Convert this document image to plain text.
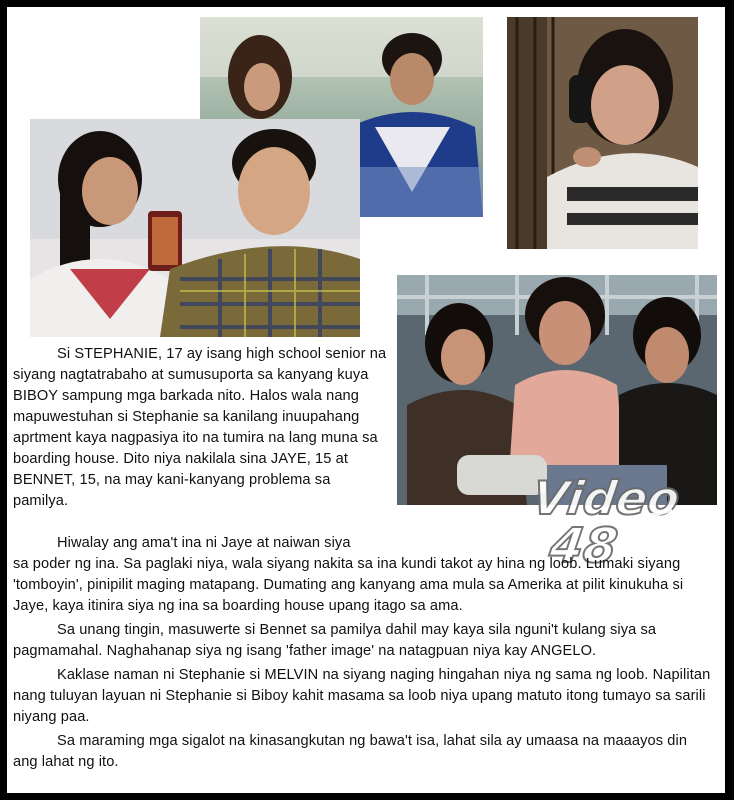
Video
48

Si STEPHANIE, 17 ay isang high school senior na siyang nagtatrabaho at sumusuporta sa kanyang kuya BIBOY sampung mga barkada nito. Halos wala nang mapuwestuhan si Stephanie sa kanilang inuupahang aprtment kaya nagpasiya ito na tumira na lang muna sa boarding house. Dito niya nakilala sina JAYE, 15 at BENNET, 15, na may kani-kanyang problema sa pamilya.

Hiwalay ang ama't ina ni Jaye at naiwan siya

sa poder ng ina. Sa paglaki niya, wala siyang nakita sa ina kundi takot ay hina ng loob. Lumaki siyang 'tomboyin', pinipilit maging matapang. Dumating ang kanyang ama mula sa Amerika at pilit kinukuha si Jaye, kaya itinira siya ng ina sa boarding house upang itago sa ama.

Sa unang tingin, masuwerte si Bennet sa pamilya dahil may kaya sila nguni't kulang siya sa pagmamahal. Naghahanap siya ng isang 'father image' na natagpuan niya kay ANGELO.

Kaklase naman ni Stephanie si MELVIN na siyang naging hingahan niya ng sama ng loob. Napilitan nang tuluyan layuan ni Stephanie si Biboy kahit masama sa loob niya upang matuto itong tumayo sa sarili niyang paa.

Sa maraming mga sigalot na kinasangkutan ng bawa't isa, lahat sila ay umaasa na maaayos din ang lahat ng ito.
